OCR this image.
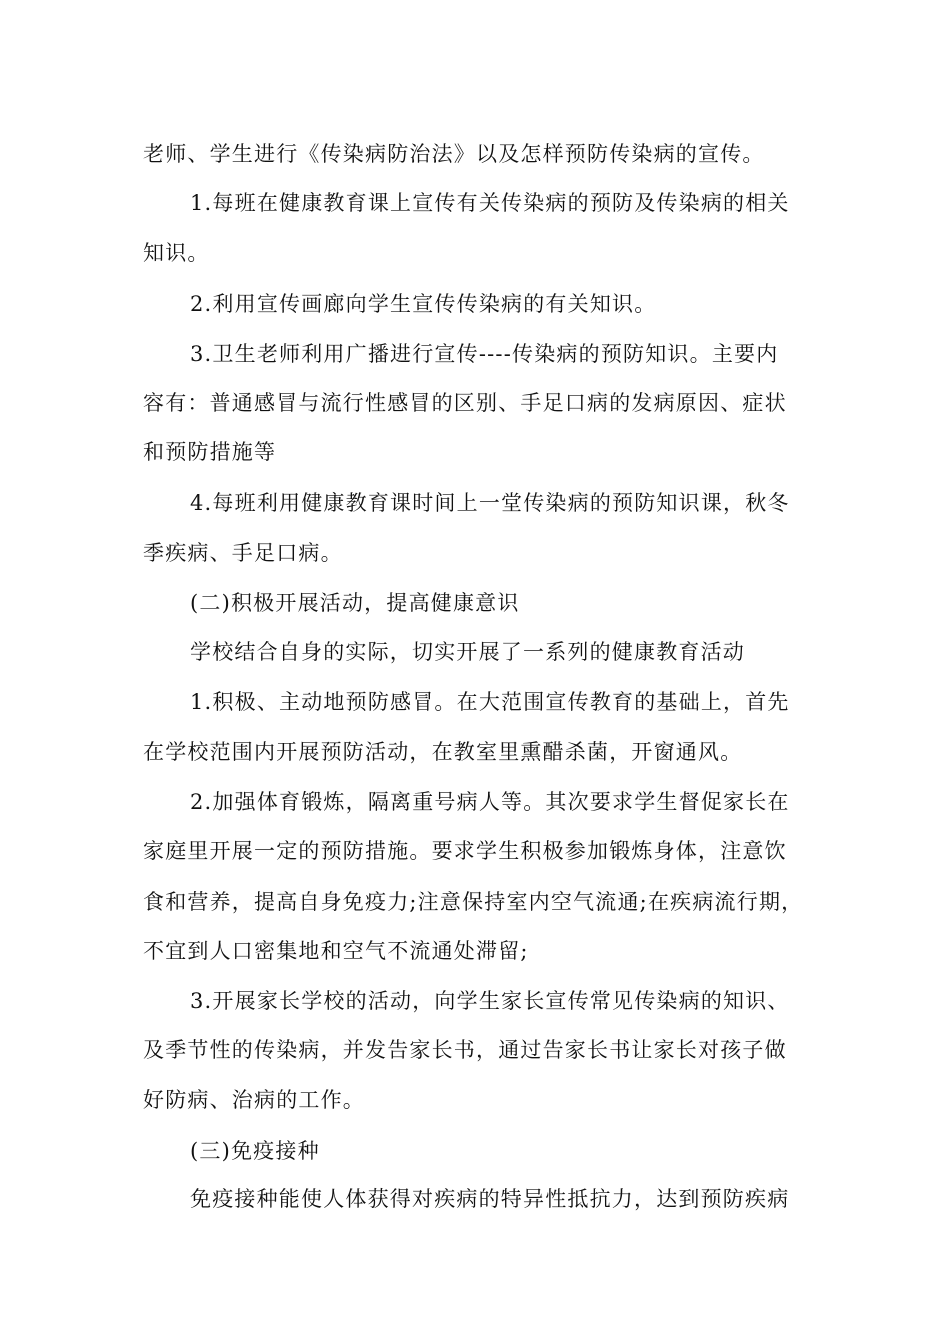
老师、学生进行《传染病防治法》以及怎样预防传染病的宣传。
1.每班在健康教育课上宣传有关传染病的预防及传染病的相关
知识。
2.利用宣传画廊向学生宣传传染病的有关知识。
3.卫生老师利用广播进行宣传----传染病的预防知识。主要内
容有：普通感冒与流行性感冒的区别、手足口病的发病原因、症状
和预防措施等
4.每班利用健康教育课时间上一堂传染病的预防知识课，秋冬
季疾病、手足口病。
(二)积极开展活动，提高健康意识
学校结合自身的实际，切实开展了一系列的健康教育活动
1.积极、主动地预防感冒。在大范围宣传教育的基础上，首先
在学校范围内开展预防活动，在教室里熏醋杀菌，开窗通风。
2.加强体育锻炼，隔离重号病人等。其次要求学生督促家长在
家庭里开展一定的预防措施。要求学生积极参加锻炼身体，注意饮
食和营养，提高自身免疫力;注意保持室内空气流通;在疾病流行期，
不宜到人口密集地和空气不流通处滞留;
3.开展家长学校的活动，向学生家长宣传常见传染病的知识、
及季节性的传染病，并发告家长书，通过告家长书让家长对孩子做
好防病、治病的工作。
(三)免疫接种
免疫接种能使人体获得对疾病的特异性抵抗力，达到预防疾病
